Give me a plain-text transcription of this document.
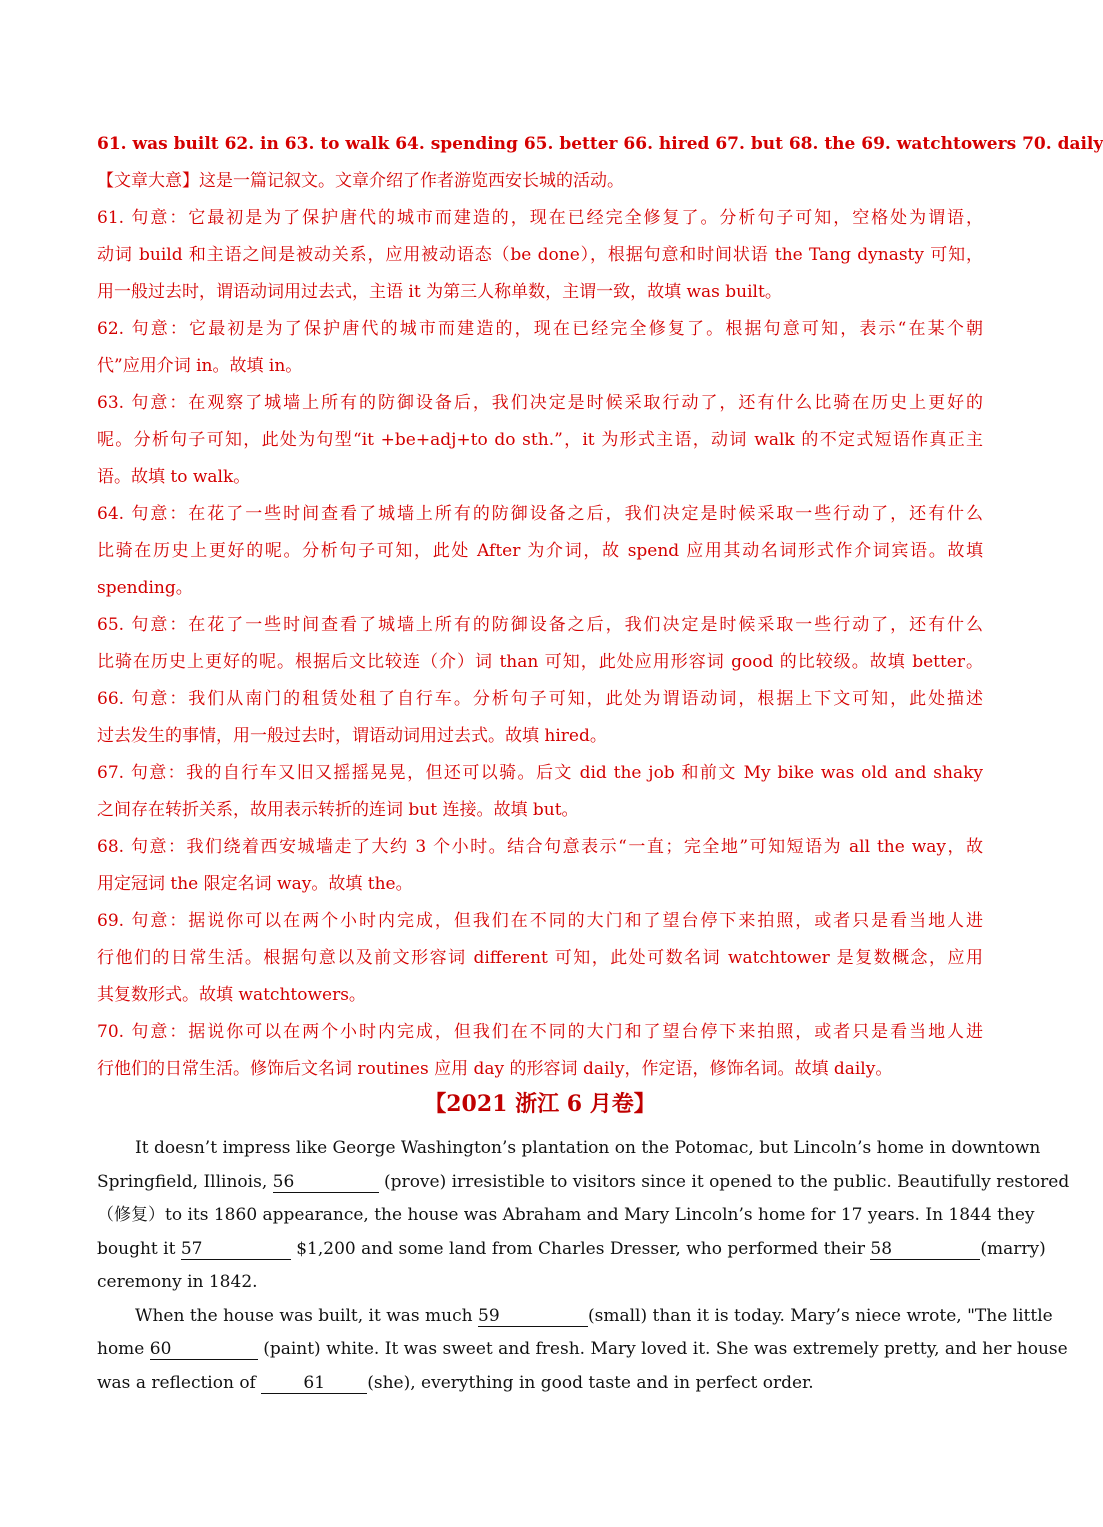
61. was built 62. in 63. to walk 64. spending 65. better 66. hired 67. but 68. the 69. watchtowers 70. daily
【文章大意】这是一篇记叙文。文章介绍了作者游览西安长城的活动。
61. 句意：它最初是为了保护唐代的城市而建造的，现在已经完全修复了。分析句子可知，空格处为谓语，
动词 build 和主语之间是被动关系，应用被动语态（be done），根据句意和时间状语 the Tang dynasty 可知，
用一般过去时，谓语动词用过去式，主语 it 为第三人称单数，主谓一致，故填 was built。
62. 句意：它最初是为了保护唐代的城市而建造的，现在已经完全修复了。根据句意可知，表示“在某个朝
代”应用介词 in。故填 in。
63. 句意：在观察了城墙上所有的防御设备后，我们决定是时候采取行动了，还有什么比骑在历史上更好的
呢。分析句子可知，此处为句型“it +be+adj+to do sth.”，it 为形式主语，动词 walk 的不定式短语作真正主
语。故填 to walk。
64. 句意：在花了一些时间查看了城墙上所有的防御设备之后，我们决定是时候采取一些行动了，还有什么
比骑在历史上更好的呢。分析句子可知，此处 After 为介词，故 spend 应用其动名词形式作介词宾语。故填
spending。
65. 句意：在花了一些时间查看了城墙上所有的防御设备之后，我们决定是时候采取一些行动了，还有什么
比骑在历史上更好的呢。根据后文比较连（介）词 than 可知，此处应用形容词 good 的比较级。故填 better。
66. 句意：我们从南门的租赁处租了自行车。分析句子可知，此处为谓语动词，根据上下文可知，此处描述
过去发生的事情，用一般过去时，谓语动词用过去式。故填 hired。
67. 句意：我的自行车又旧又摇摇晃晃，但还可以骑。后文 did the job 和前文 My bike was old and shaky
之间存在转折关系，故用表示转折的连词 but 连接。故填 but。
68. 句意：我们绕着西安城墙走了大约 3 个小时。结合句意表示“一直；完全地”可知短语为 all the way，故
用定冠词 the 限定名词 way。故填 the。
69. 句意：据说你可以在两个小时内完成，但我们在不同的大门和了望台停下来拍照，或者只是看当地人进
行他们的日常生活。根据句意以及前文形容词 different 可知，此处可数名词 watchtower 是复数概念，应用
其复数形式。故填 watchtowers。
70. 句意：据说你可以在两个小时内完成，但我们在不同的大门和了望台停下来拍照，或者只是看当地人进
行他们的日常生活。修饰后文名词 routines 应用 day 的形容词 daily，作定语，修饰名词。故填 daily。
【2021 浙江 6 月卷】
It doesn’t impress like George Washington’s plantation on the Potomac, but Lincoln’s home in downtown
Springfield, Illinois, 56	(prove) irresistible to visitors since it opened to the public. Beautifully restored
（修复）to its 1860 appearance, the house was Abraham and Mary Lincoln’s home for 17 years. In 1844 they
bought it 57	$1,200 and some land from Charles Dresser, who performed their 58	(marry)
ceremony in 1842.
When the house was built, it was much 59	(small) than it is today. Mary’s niece wrote, "The little
home 60	(paint) white. It was sweet and fresh. Mary loved it. She was extremely pretty, and her house
was a reflection of	61 (she), everything in good taste and in perfect order.
